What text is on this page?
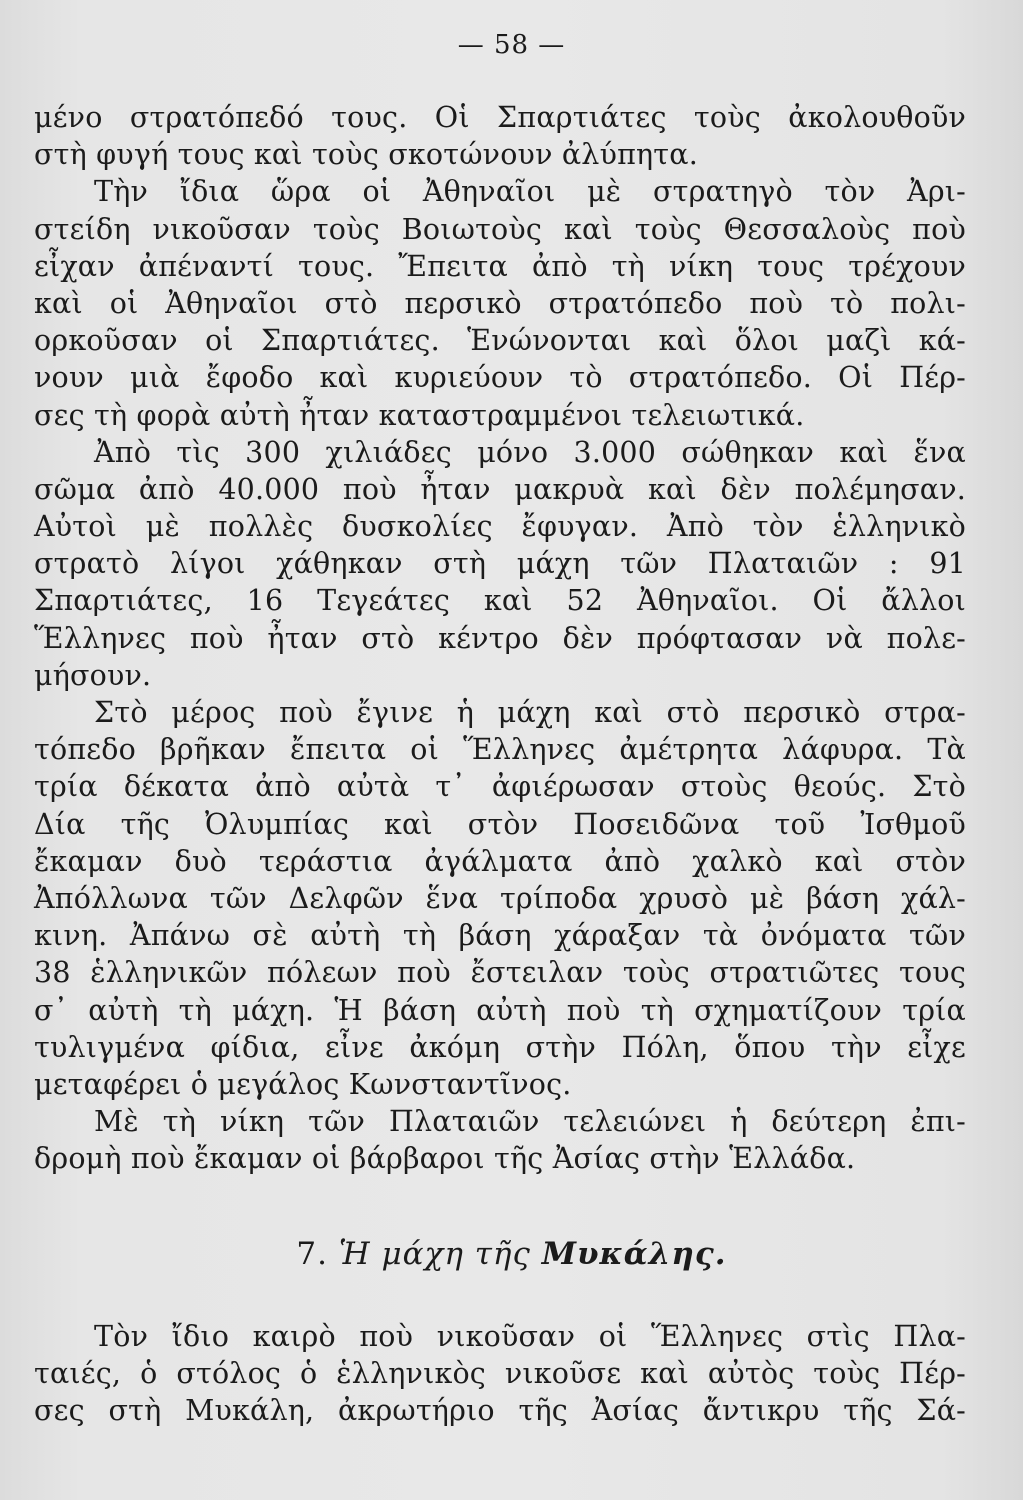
— 58 —
μένο στρατόπεδό τους. Οἱ Σπαρτιάτες τοὺς ἀκολουθοῦν
στὴ φυγή τους καὶ τοὺς σκοτώνουν ἀλύπητα.
Τὴν ἴδια ὥρα οἱ Ἀθηναῖοι μὲ στρατηγὸ τὸν Ἀρι-
στείδη νικοῦσαν τοὺς Βοιωτοὺς καὶ τοὺς Θεσσαλοὺς ποὺ
εἶχαν ἀπέναντί τους. Ἔπειτα ἀπὸ τὴ νίκη τους τρέχουν
καὶ οἱ Ἀθηναῖοι στὸ περσικὸ στρατόπεδο ποὺ τὸ πολι-
ορκοῦσαν οἱ Σπαρτιάτες. Ἑνώνονται καὶ ὅλοι μαζὶ κά-
νουν μιὰ ἔφοδο καὶ κυριεύουν τὸ στρατόπεδο. Οἱ Πέρ-
σες τὴ φορὰ αὐτὴ ἦταν καταστραμμένοι τελειωτικά.
Ἀπὸ τὶς 300 χιλιάδες μόνο 3.000 σώθηκαν καὶ ἕνα
σῶμα ἀπὸ 40.000 ποὺ ἦταν μακρυὰ καὶ δὲν πολέμησαν.
Αὐτοὶ μὲ πολλὲς δυσκολίες ἔφυγαν. Ἀπὸ τὸν ἑλληνικὸ
στρατὸ λίγοι χάθηκαν στὴ μάχη τῶν Πλαταιῶν : 91
Σπαρτιάτες, 16 Τεγεάτες καὶ 52 Ἀθηναῖοι. Οἱ ἄλλοι
Ἕλληνες ποὺ ἦταν στὸ κέντρο δὲν πρόφτασαν νὰ πολε-
μήσουν.
Στὸ μέρος ποὺ ἔγινε ἡ μάχη καὶ στὸ περσικὸ στρα-
τόπεδο βρῆκαν ἔπειτα οἱ Ἕλληνες ἀμέτρητα λάφυρα. Τὰ
τρία δέκατα ἀπὸ αὐτὰ τ᾽ ἀφιέρωσαν στοὺς θεούς. Στὸ
Δία τῆς Ὀλυμπίας καὶ στὸν Ποσειδῶνα τοῦ Ἰσθμοῦ
ἔκαμαν δυὸ τεράστια ἀγάλματα ἀπὸ χαλκὸ καὶ στὸν
Ἀπόλλωνα τῶν Δελφῶν ἕνα τρίποδα χρυσὸ μὲ βάση χάλ-
κινη. Ἀπάνω σὲ αὐτὴ τὴ βάση χάραξαν τὰ ὀνόματα τῶν
38 ἑλληνικῶν πόλεων ποὺ ἔστειλαν τοὺς στρατιῶτες τους
σ᾽ αὐτὴ τὴ μάχη. Ἡ βάση αὐτὴ ποὺ τὴ σχηματίζουν τρία
τυλιγμένα φίδια, εἶνε ἀκόμη στὴν Πόλη, ὅπου τὴν εἶχε
μεταφέρει ὁ μεγάλος Κωνσταντῖνος.
Μὲ τὴ νίκη τῶν Πλαταιῶν τελειώνει ἡ δεύτερη ἐπι-
δρομὴ ποὺ ἔκαμαν οἱ βάρβαροι τῆς Ἀσίας στὴν Ἑλλάδα.
7. Ἡ μάχη τῆς Μυκάλης.
Τὸν ἴδιο καιρὸ ποὺ νικοῦσαν οἱ Ἕλληνες στὶς Πλα-
ταιές, ὁ στόλος ὁ ἑλληνικὸς νικοῦσε καὶ αὐτὸς τοὺς Πέρ-
σες στὴ Μυκάλη, ἀκρωτήριο τῆς Ἀσίας ἄντικρυ τῆς Σά-
